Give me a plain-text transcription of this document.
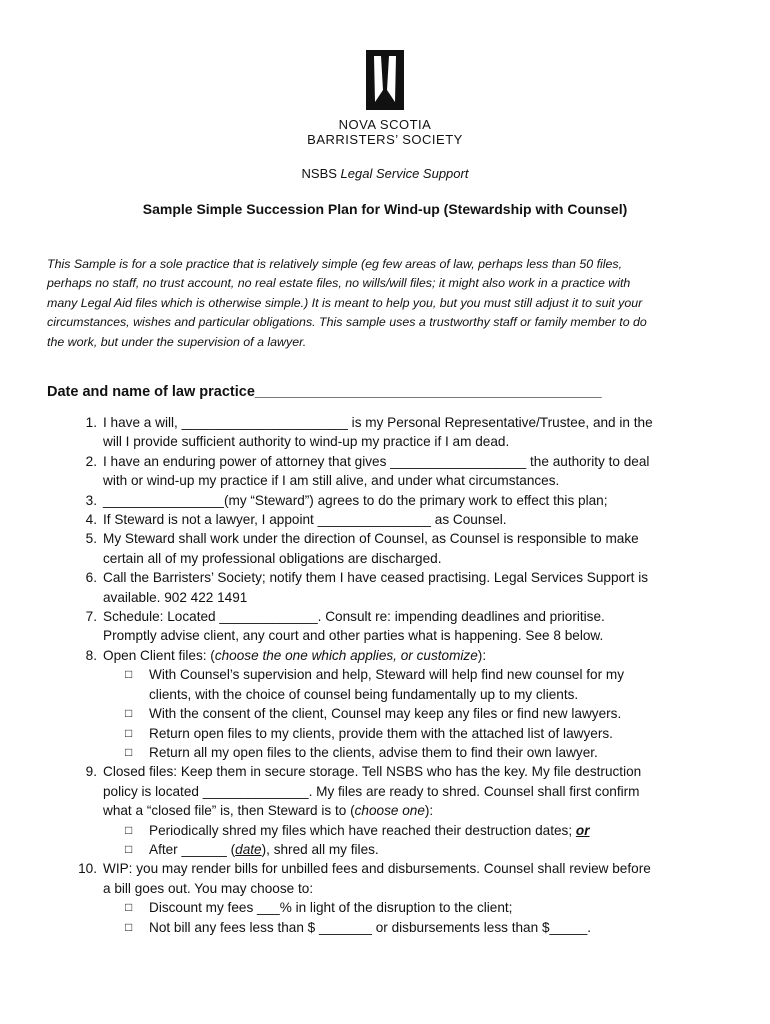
NOVA SCOTIA
BARRISTERS’ SOCIETY
NSBS Legal Service Support
Sample Simple Succession Plan for Wind-up (Stewardship with Counsel)
This Sample is for a sole practice that is relatively simple (eg few areas of law, perhaps less than 50 files,
perhaps no staff, no trust account, no real estate files, no wills/will files; it might also work in a practice with
many Legal Aid files which is otherwise simple.) It is meant to help you, but you must still adjust it to suit your
circumstances, wishes and particular obligations. This sample uses a trustworthy staff or family member to do
the work, but under the supervision of a lawyer.
Date and name of law practice___________________________________________
1. I have a will, ______________________ is my Personal Representative/Trustee, and in the
will I provide sufficient authority to wind-up my practice if I am dead.
2. I have an enduring power of attorney that gives __________________ the authority to deal
with or wind-up my practice if I am still alive, and under what circumstances.
3. ________________(my “Steward”) agrees to do the primary work to effect this plan;
4. If Steward is not a lawyer, I appoint _______________ as Counsel.
5. My Steward shall work under the direction of Counsel, as Counsel is responsible to make
certain all of my professional obligations are discharged.
6. Call the Barristers’ Society; notify them I have ceased practising. Legal Services Support is
available. 902 422 1491
7. Schedule: Located _____________. Consult re: impending deadlines and prioritise.
Promptly advise client, any court and other parties what is happening. See 8 below.
8. Open Client files: (choose the one which applies, or customize):
□ With Counsel’s supervision and help, Steward will help find new counsel for my
clients, with the choice of counsel being fundamentally up to my clients.
□ With the consent of the client, Counsel may keep any files or find new lawyers.
□ Return open files to my clients, provide them with the attached list of lawyers.
□ Return all my open files to the clients, advise them to find their own lawyer.
9. Closed files: Keep them in secure storage. Tell NSBS who has the key. My file destruction
policy is located ______________. My files are ready to shred. Counsel shall first confirm
what a “closed file” is, then Steward is to (choose one):
□ Periodically shred my files which have reached their destruction dates; or
□ After ______ (date), shred all my files.
10. WIP: you may render bills for unbilled fees and disbursements. Counsel shall review before
a bill goes out. You may choose to:
□ Discount my fees ___% in light of the disruption to the client;
□ Not bill any fees less than $ _______ or disbursements less than $_____.
